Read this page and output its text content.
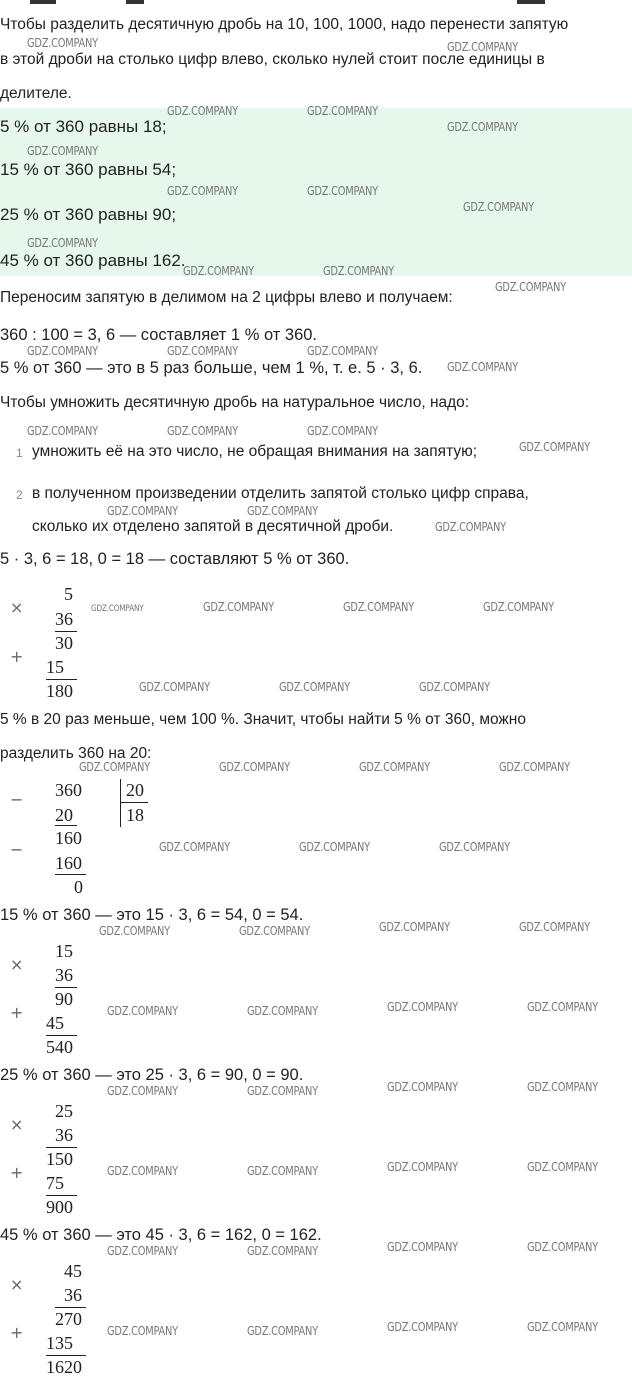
Чтобы разделить десятичную дробь на 10, 100, 1000, надо перенести запятую
в этой дроби на столько цифр влево, сколько нулей стоит после единицы в
делителе.
5 % от 360 равны 18;
15 % от 360 равны 54;
25 % от 360 равны 90;
45 % от 360 равны 162.
Переносим запятую в делимом на 2 цифры влево и получаем:
360 : 100 = 3, 6 — составляет 1 % от 360.
5 % от 360 — это в 5 раз больше, чем 1 %, т. е. 5 · 3, 6.
Чтобы умножить десятичную дробь на натуральное число, надо:
1 умножить её на это число, не обращая внимания на запятую;
2 в полученном произведении отделить запятой столько цифр справа,
сколько их отделено запятой в десятичной дроби.
5 · 3, 6 = 18, 0 = 18 — составляют 5 % от 360.
×
5
36
30
+
15
180
5 % в 20 раз меньше, чем 100 %. Значит, чтобы найти 5 % от 360, можно
разделить 360 на 20:
− 360
20
160
−
160
0
20
18
15 % от 360 — это 15 · 3, 6 = 54, 0 = 54.
×
15
36
90
+
45
540
25 % от 360 — это 25 · 3, 6 = 90, 0 = 90.
×
25
36
150
+
75
900
45 % от 360 — это 45 · 3, 6 = 162, 0 = 162.
×
45
36
270
+
135
1620
GDZ.COMPANY	GDZ.COMPANY
GDZ.COMPANY	GDZ.COMPANY
GDZ.COMPANY
GDZ.COMPANY
GDZ.COMPANY	GDZ.COMPANY
GDZ.COMPANY
GDZ.COMPANY
GDZ.COMPANY	GDZ.COMPANY
GDZ.COMPANY
GDZ.COMPANY	GDZ.COMPANY	GDZ.COMPANY
GDZ.COMPANY
GDZ.COMPANY	GDZ.COMPANY	GDZ.COMPANY
GDZ.COMPANY
GDZ.COMPANY	GDZ.COMPANY
GDZ.COMPANY
GDZ.COMPANY	GDZ.COMPANY	GDZ.COMPANY	GDZ.COMPANY
GDZ.COMPANY	GDZ.COMPANY	GDZ.COMPANY
GDZ.COMPANY	GDZ.COMPANY	GDZ.COMPANY	GDZ.COMPANY
GDZ.COMPANY	GDZ.COMPANY	GDZ.COMPANY
GDZ.COMPANY	GDZ.COMPANY	GDZ.COMPANY	GDZ.COMPANY
GDZ.COMPANY	GDZ.COMPANY	GDZ.COMPANY	GDZ.COMPANY
GDZ.COMPANY	GDZ.COMPANY	GDZ.COMPANY	GDZ.COMPANY
GDZ.COMPANY	GDZ.COMPANY	GDZ.COMPANY	GDZ.COMPANY
GDZ.COMPANY	GDZ.COMPANY	GDZ.COMPANY	GDZ.COMPANY
GDZ.COMPANY	GDZ.COMPANY	GDZ.COMPANY	GDZ.COMPANY
